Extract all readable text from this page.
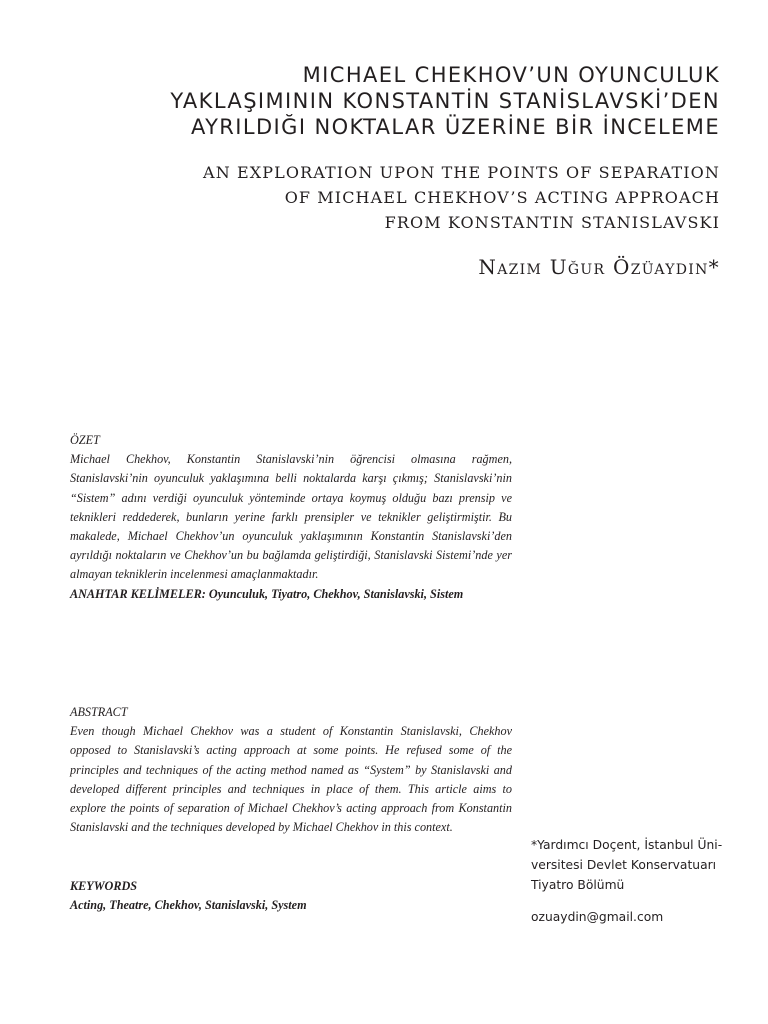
MICHAEL CHEKHOV’UN OYUNCULUK
YAKLAŞIMININ KONSTANTİN STANİSLAVSKİ’DEN
AYRILDIĞI NOKTALAR ÜZERİNE BİR İNCELEME
AN EXPLORATION UPON THE POINTS OF SEPARATION
OF MICHAEL CHEKHOV’S ACTING APPROACH
FROM KONSTANTIN STANISLAVSKI
Nazım Uğur Özüaydın*

ÖZET

Michael Chekhov, Konstantin Stanislavski’nin öğrencisi olmasına rağmen, Stanislavski’nin oyunculuk yaklaşımına belli noktalarda karşı çıkmış; Stanislavski’nin “Sistem” adını verdiği oyunculuk yönteminde ortaya koymuş olduğu bazı prensip ve teknikleri reddederek, bunların yerine farklı prensipler ve teknikler geliştirmiştir. Bu makalede, Michael Chekhov’un oyunculuk yaklaşımının Konstantin Stanislavski’den ayrıldığı noktaların ve Chekhov’un bu bağlamda geliştirdiği, Stanislavski Sistemi’nde yer almayan tekniklerin incelenmesi amaçlanmaktadır.

ANAHTAR KELİMELER: Oyunculuk, Tiyatro, Chekhov, Stanislavski, Sistem

ABSTRACT

Even though Michael Chekhov was a student of Konstantin Stanislavski, Chekhov opposed to Stanislavski’s acting approach at some points. He refused some of the principles and techniques of the acting method named as “System” by Stanislavski and developed different principles and techniques in place of them. This article aims to explore the points of separation of Michael Chekhov’s acting approach from Konstantin Stanislavski and the techniques developed by Michael Chekhov in this context.

KEYWORDS

Acting, Theatre, Chekhov, Stanislavski, System

*Yardımcı Doçent, İstanbul Üni-

versitesi Devlet Konservatuarı

Tiyatro Bölümü

ozuaydin@gmail.com
